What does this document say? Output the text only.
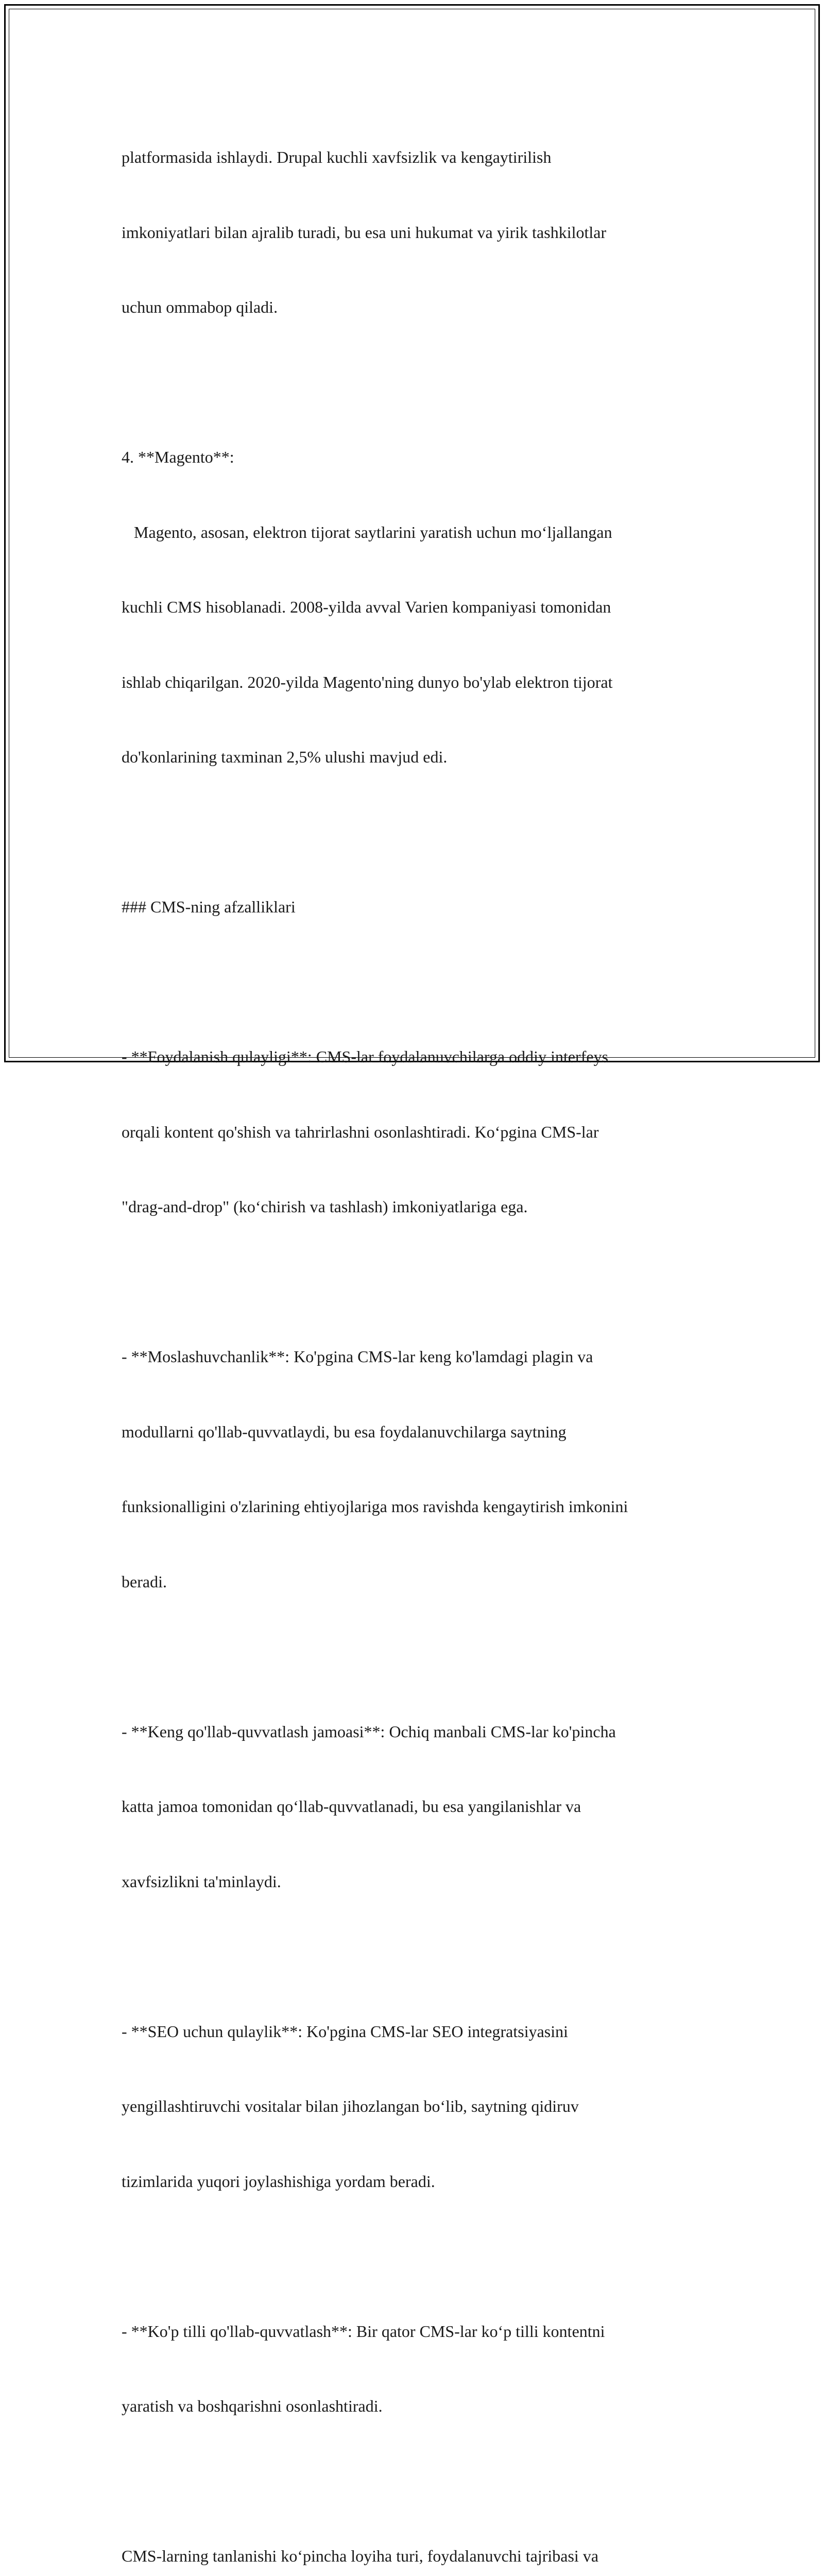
platformasida ishlaydi. Drupal kuchli xavfsizlik va kengaytirilish

imkoniyatlari bilan ajralib turadi, bu esa uni hukumat va yirik tashkilotlar

uchun ommabop qiladi.

4. **Magento**:

Magento, asosan, elektron tijorat saytlarini yaratish uchun mo‘ljallangan

kuchli CMS hisoblanadi. 2008-yilda avval Varien kompaniyasi tomonidan

ishlab chiqarilgan. 2020-yilda Magento'ning dunyo bo'ylab elektron tijorat

do'konlarining taxminan 2,5% ulushi mavjud edi.

### CMS-ning afzalliklari

- **Foydalanish qulayligi**: CMS-lar foydalanuvchilarga oddiy interfeys

orqali kontent qo'shish va tahrirlashni osonlashtiradi. Ko‘pgina CMS-lar

"drag-and-drop" (ko‘chirish va tashlash) imkoniyatlariga ega.

- **Moslashuvchanlik**: Ko'pgina CMS-lar keng ko'lamdagi plagin va

modullarni qo'llab-quvvatlaydi, bu esa foydalanuvchilarga saytning

funksionalligini o'zlarining ehtiyojlariga mos ravishda kengaytirish imkonini

beradi.

- **Keng qo'llab-quvvatlash jamoasi**: Ochiq manbali CMS-lar ko'pincha

katta jamoa tomonidan qo‘llab-quvvatlanadi, bu esa yangilanishlar va

xavfsizlikni ta'minlaydi.

- **SEO uchun qulaylik**: Ko'pgina CMS-lar SEO integratsiyasini

yengillashtiruvchi vositalar bilan jihozlangan bo‘lib, saytning qidiruv

tizimlarida yuqori joylashishiga yordam beradi.

- **Ko'p tilli qo'llab-quvvatlash**: Bir qator CMS-lar ko‘p tilli kontentni

yaratish va boshqarishni osonlashtiradi.

CMS-larning tanlanishi ko‘pincha loyiha turi, foydalanuvchi tajribasi va
